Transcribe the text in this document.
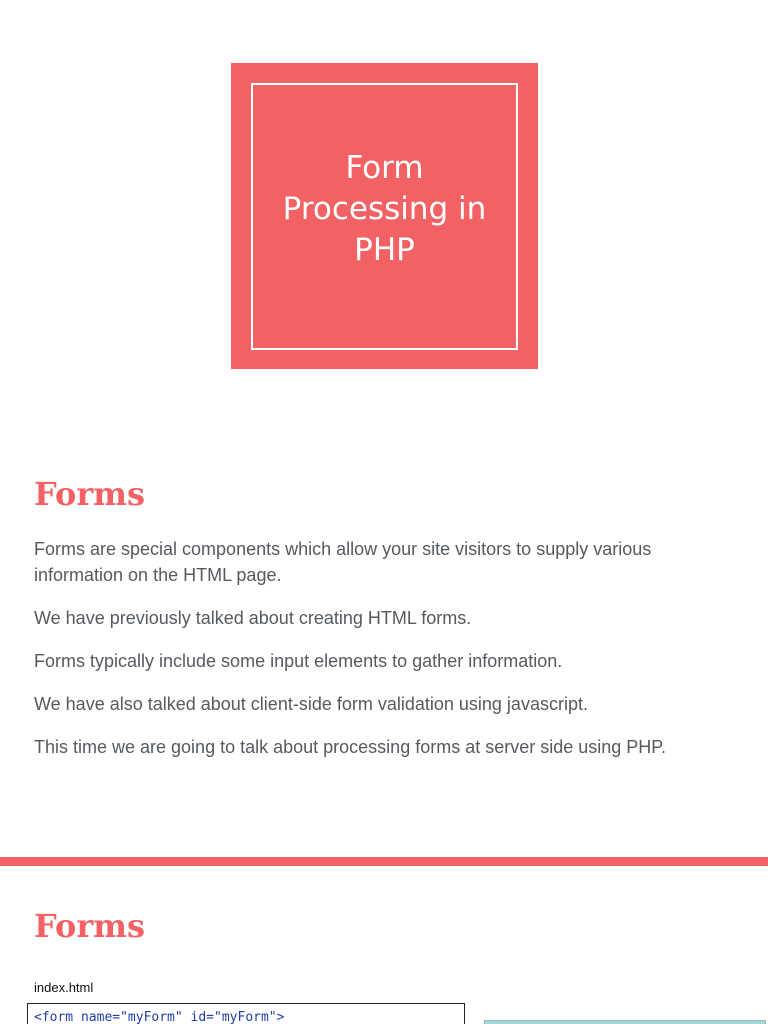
Form Processing in PHP
Forms

Forms are special components which allow your site visitors to supply various information on the HTML page.

We have previously talked about creating HTML forms.

Forms typically include some input elements to gather information.

We have also talked about client-side form validation using javascript.

This time we are going to talk about processing forms at server side using PHP.

Forms
index.html
<form name="myForm" id="myForm">
